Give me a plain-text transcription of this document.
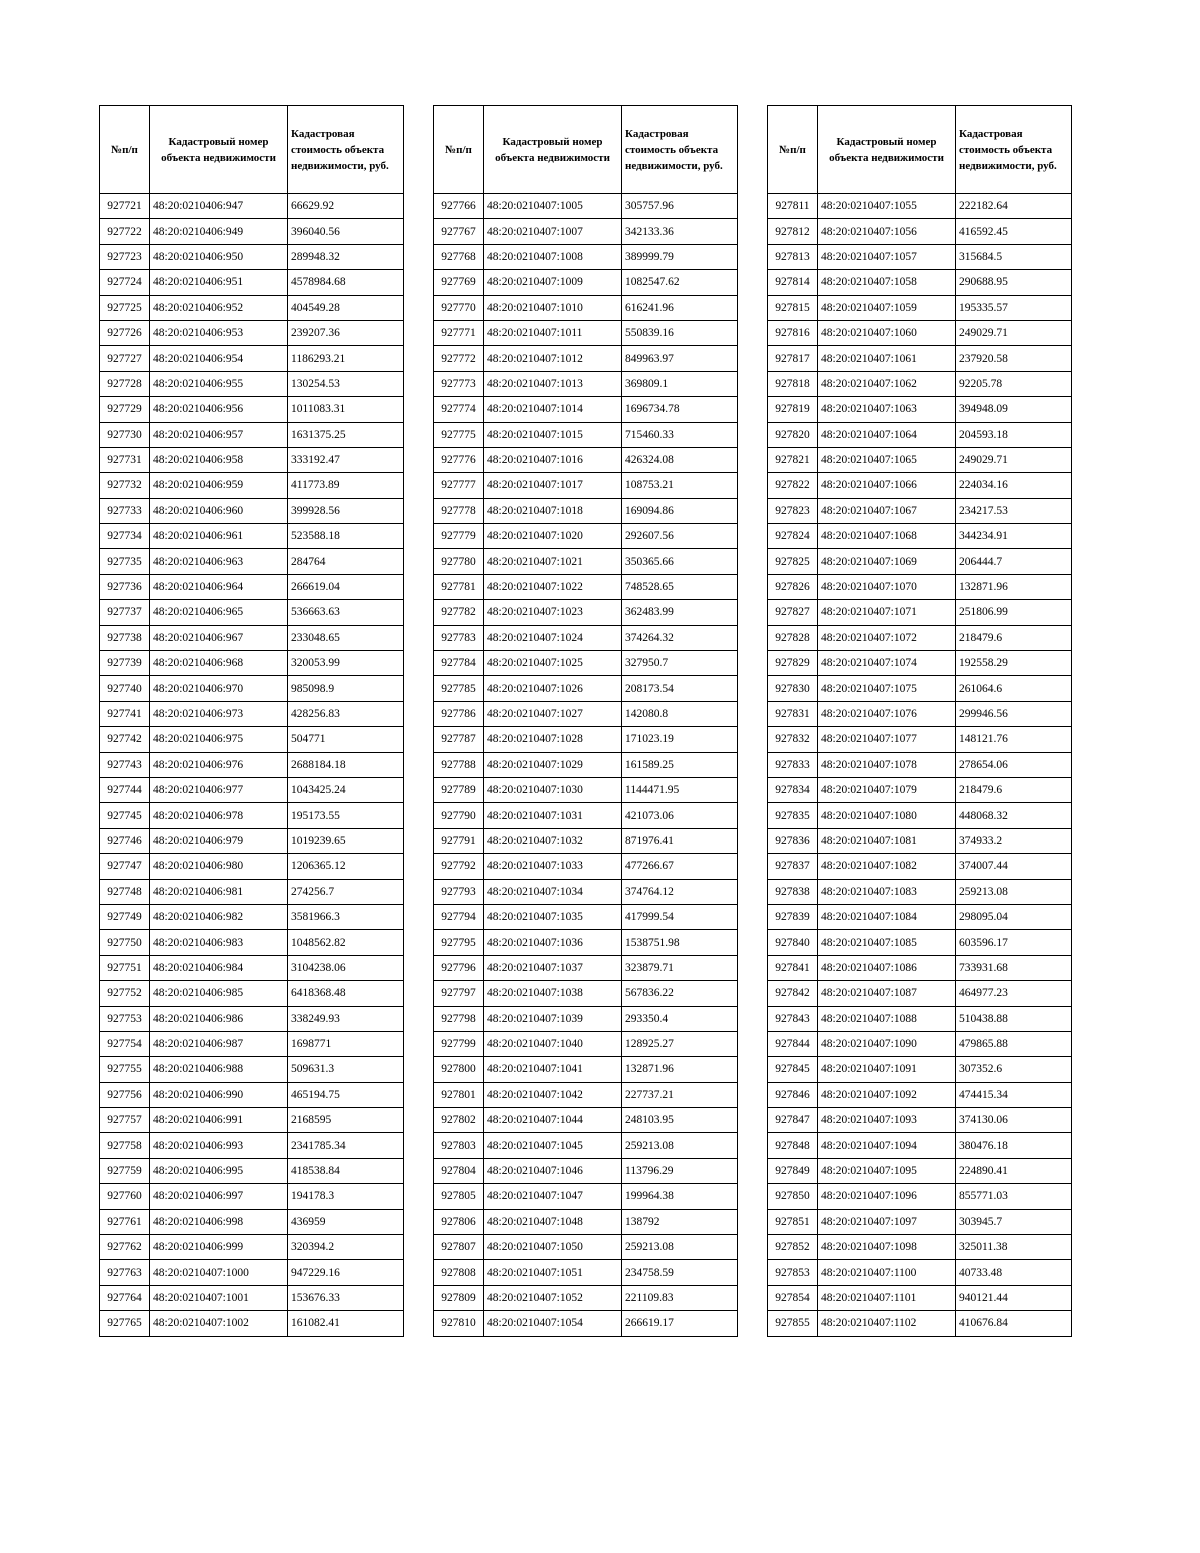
№п/п	Кадастровый номер объекта недвижимости	Кадастровая стоимость объекта недвижимости, руб.
927721	48:20:0210406:947	66629.92
927722	48:20:0210406:949	396040.56
927723	48:20:0210406:950	289948.32
927724	48:20:0210406:951	4578984.68
927725	48:20:0210406:952	404549.28
927726	48:20:0210406:953	239207.36
927727	48:20:0210406:954	1186293.21
927728	48:20:0210406:955	130254.53
927729	48:20:0210406:956	1011083.31
927730	48:20:0210406:957	1631375.25
927731	48:20:0210406:958	333192.47
927732	48:20:0210406:959	411773.89
927733	48:20:0210406:960	399928.56
927734	48:20:0210406:961	523588.18
927735	48:20:0210406:963	284764
927736	48:20:0210406:964	266619.04
927737	48:20:0210406:965	536663.63
927738	48:20:0210406:967	233048.65
927739	48:20:0210406:968	320053.99
927740	48:20:0210406:970	985098.9
927741	48:20:0210406:973	428256.83
927742	48:20:0210406:975	504771
927743	48:20:0210406:976	2688184.18
927744	48:20:0210406:977	1043425.24
927745	48:20:0210406:978	195173.55
927746	48:20:0210406:979	1019239.65
927747	48:20:0210406:980	1206365.12
927748	48:20:0210406:981	274256.7
927749	48:20:0210406:982	3581966.3
927750	48:20:0210406:983	1048562.82
927751	48:20:0210406:984	3104238.06
927752	48:20:0210406:985	6418368.48
927753	48:20:0210406:986	338249.93
927754	48:20:0210406:987	1698771
927755	48:20:0210406:988	509631.3
927756	48:20:0210406:990	465194.75
927757	48:20:0210406:991	2168595
927758	48:20:0210406:993	2341785.34
927759	48:20:0210406:995	418538.84
927760	48:20:0210406:997	194178.3
927761	48:20:0210406:998	436959
927762	48:20:0210406:999	320394.2
927763	48:20:0210407:1000	947229.16
927764	48:20:0210407:1001	153676.33
927765	48:20:0210407:1002	161082.41
№п/п	Кадастровый номер объекта недвижимости	Кадастровая стоимость объекта недвижимости, руб.
927766	48:20:0210407:1005	305757.96
927767	48:20:0210407:1007	342133.36
927768	48:20:0210407:1008	389999.79
927769	48:20:0210407:1009	1082547.62
927770	48:20:0210407:1010	616241.96
927771	48:20:0210407:1011	550839.16
927772	48:20:0210407:1012	849963.97
927773	48:20:0210407:1013	369809.1
927774	48:20:0210407:1014	1696734.78
927775	48:20:0210407:1015	715460.33
927776	48:20:0210407:1016	426324.08
927777	48:20:0210407:1017	108753.21
927778	48:20:0210407:1018	169094.86
927779	48:20:0210407:1020	292607.56
927780	48:20:0210407:1021	350365.66
927781	48:20:0210407:1022	748528.65
927782	48:20:0210407:1023	362483.99
927783	48:20:0210407:1024	374264.32
927784	48:20:0210407:1025	327950.7
927785	48:20:0210407:1026	208173.54
927786	48:20:0210407:1027	142080.8
927787	48:20:0210407:1028	171023.19
927788	48:20:0210407:1029	161589.25
927789	48:20:0210407:1030	1144471.95
927790	48:20:0210407:1031	421073.06
927791	48:20:0210407:1032	871976.41
927792	48:20:0210407:1033	477266.67
927793	48:20:0210407:1034	374764.12
927794	48:20:0210407:1035	417999.54
927795	48:20:0210407:1036	1538751.98
927796	48:20:0210407:1037	323879.71
927797	48:20:0210407:1038	567836.22
927798	48:20:0210407:1039	293350.4
927799	48:20:0210407:1040	128925.27
927800	48:20:0210407:1041	132871.96
927801	48:20:0210407:1042	227737.21
927802	48:20:0210407:1044	248103.95
927803	48:20:0210407:1045	259213.08
927804	48:20:0210407:1046	113796.29
927805	48:20:0210407:1047	199964.38
927806	48:20:0210407:1048	138792
927807	48:20:0210407:1050	259213.08
927808	48:20:0210407:1051	234758.59
927809	48:20:0210407:1052	221109.83
927810	48:20:0210407:1054	266619.17
№п/п	Кадастровый номер объекта недвижимости	Кадастровая стоимость объекта недвижимости, руб.
927811	48:20:0210407:1055	222182.64
927812	48:20:0210407:1056	416592.45
927813	48:20:0210407:1057	315684.5
927814	48:20:0210407:1058	290688.95
927815	48:20:0210407:1059	195335.57
927816	48:20:0210407:1060	249029.71
927817	48:20:0210407:1061	237920.58
927818	48:20:0210407:1062	92205.78
927819	48:20:0210407:1063	394948.09
927820	48:20:0210407:1064	204593.18
927821	48:20:0210407:1065	249029.71
927822	48:20:0210407:1066	224034.16
927823	48:20:0210407:1067	234217.53
927824	48:20:0210407:1068	344234.91
927825	48:20:0210407:1069	206444.7
927826	48:20:0210407:1070	132871.96
927827	48:20:0210407:1071	251806.99
927828	48:20:0210407:1072	218479.6
927829	48:20:0210407:1074	192558.29
927830	48:20:0210407:1075	261064.6
927831	48:20:0210407:1076	299946.56
927832	48:20:0210407:1077	148121.76
927833	48:20:0210407:1078	278654.06
927834	48:20:0210407:1079	218479.6
927835	48:20:0210407:1080	448068.32
927836	48:20:0210407:1081	374933.2
927837	48:20:0210407:1082	374007.44
927838	48:20:0210407:1083	259213.08
927839	48:20:0210407:1084	298095.04
927840	48:20:0210407:1085	603596.17
927841	48:20:0210407:1086	733931.68
927842	48:20:0210407:1087	464977.23
927843	48:20:0210407:1088	510438.88
927844	48:20:0210407:1090	479865.88
927845	48:20:0210407:1091	307352.6
927846	48:20:0210407:1092	474415.34
927847	48:20:0210407:1093	374130.06
927848	48:20:0210407:1094	380476.18
927849	48:20:0210407:1095	224890.41
927850	48:20:0210407:1096	855771.03
927851	48:20:0210407:1097	303945.7
927852	48:20:0210407:1098	325011.38
927853	48:20:0210407:1100	40733.48
927854	48:20:0210407:1101	940121.44
927855	48:20:0210407:1102	410676.84
